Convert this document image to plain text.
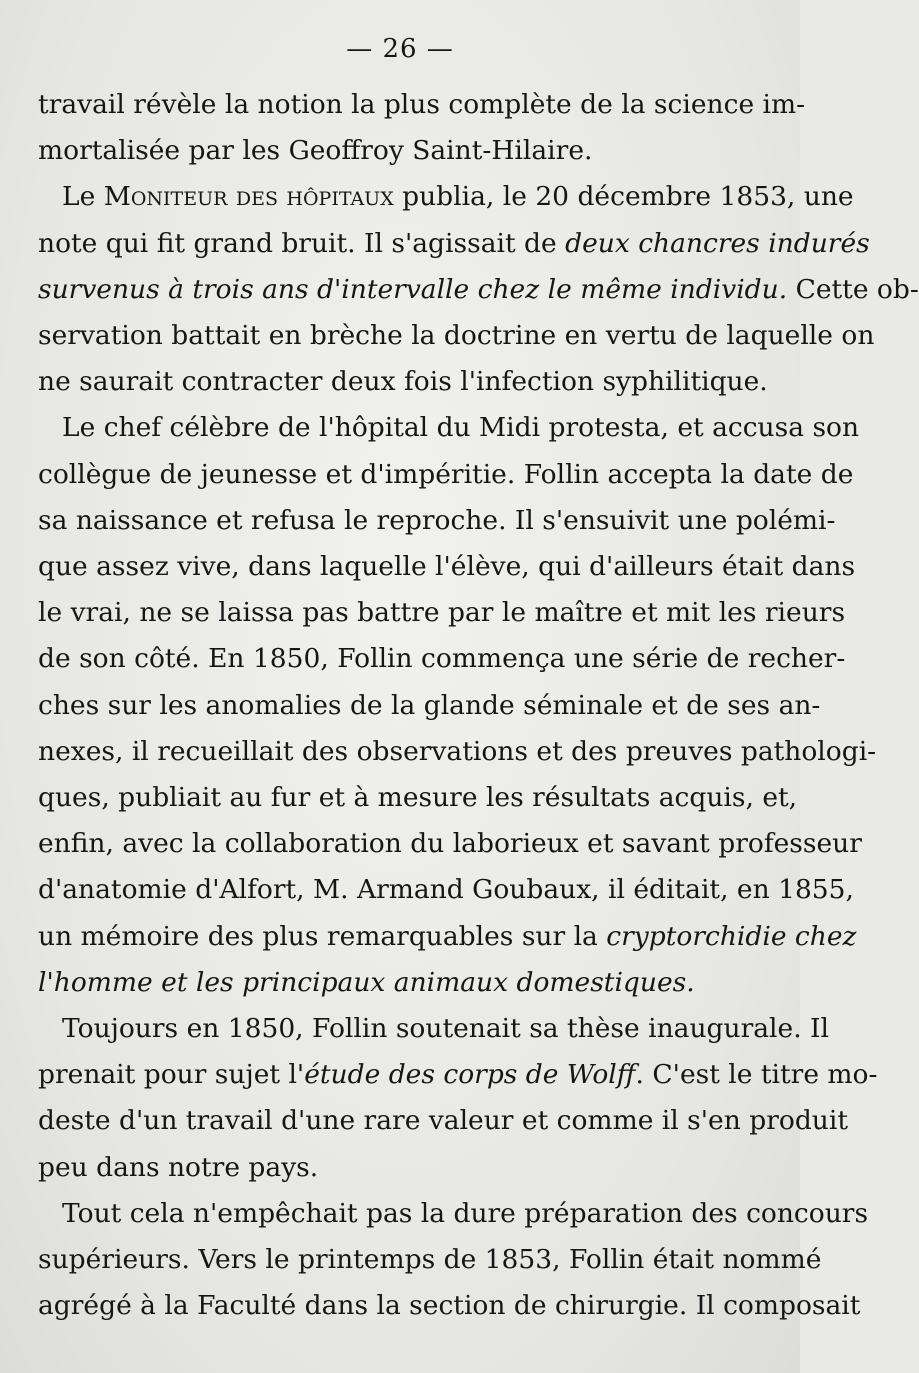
— 26 —
travail révèle la notion la plus complète de la science im-
mortalisée par les Geoffroy Saint-Hilaire.
Le Moniteur des hôpitaux publia, le 20 décembre 1853, une
note qui fit grand bruit. Il s'agissait de deux chancres indurés
survenus à trois ans d'intervalle chez le même individu. Cette ob-
servation battait en brèche la doctrine en vertu de laquelle on
ne saurait contracter deux fois l'infection syphilitique.
Le chef célèbre de l'hôpital du Midi protesta, et accusa son
collègue de jeunesse et d'impéritie. Follin accepta la date de
sa naissance et refusa le reproche. Il s'ensuivit une polémi-
que assez vive, dans laquelle l'élève, qui d'ailleurs était dans
le vrai, ne se laissa pas battre par le maître et mit les rieurs
de son côté. En 1850, Follin commença une série de recher-
ches sur les anomalies de la glande séminale et de ses an-
nexes, il recueillait des observations et des preuves pathologi-
ques, publiait au fur et à mesure les résultats acquis, et,
enfin, avec la collaboration du laborieux et savant professeur
d'anatomie d'Alfort, M. Armand Goubaux, il éditait, en 1855,
un mémoire des plus remarquables sur la cryptorchidie chez
l'homme et les principaux animaux domestiques.
Toujours en 1850, Follin soutenait sa thèse inaugurale. Il
prenait pour sujet l'étude des corps de Wolff. C'est le titre mo-
deste d'un travail d'une rare valeur et comme il s'en produit
peu dans notre pays.
Tout cela n'empêchait pas la dure préparation des concours
supérieurs. Vers le printemps de 1853, Follin était nommé
agrégé à la Faculté dans la section de chirurgie. Il composait
